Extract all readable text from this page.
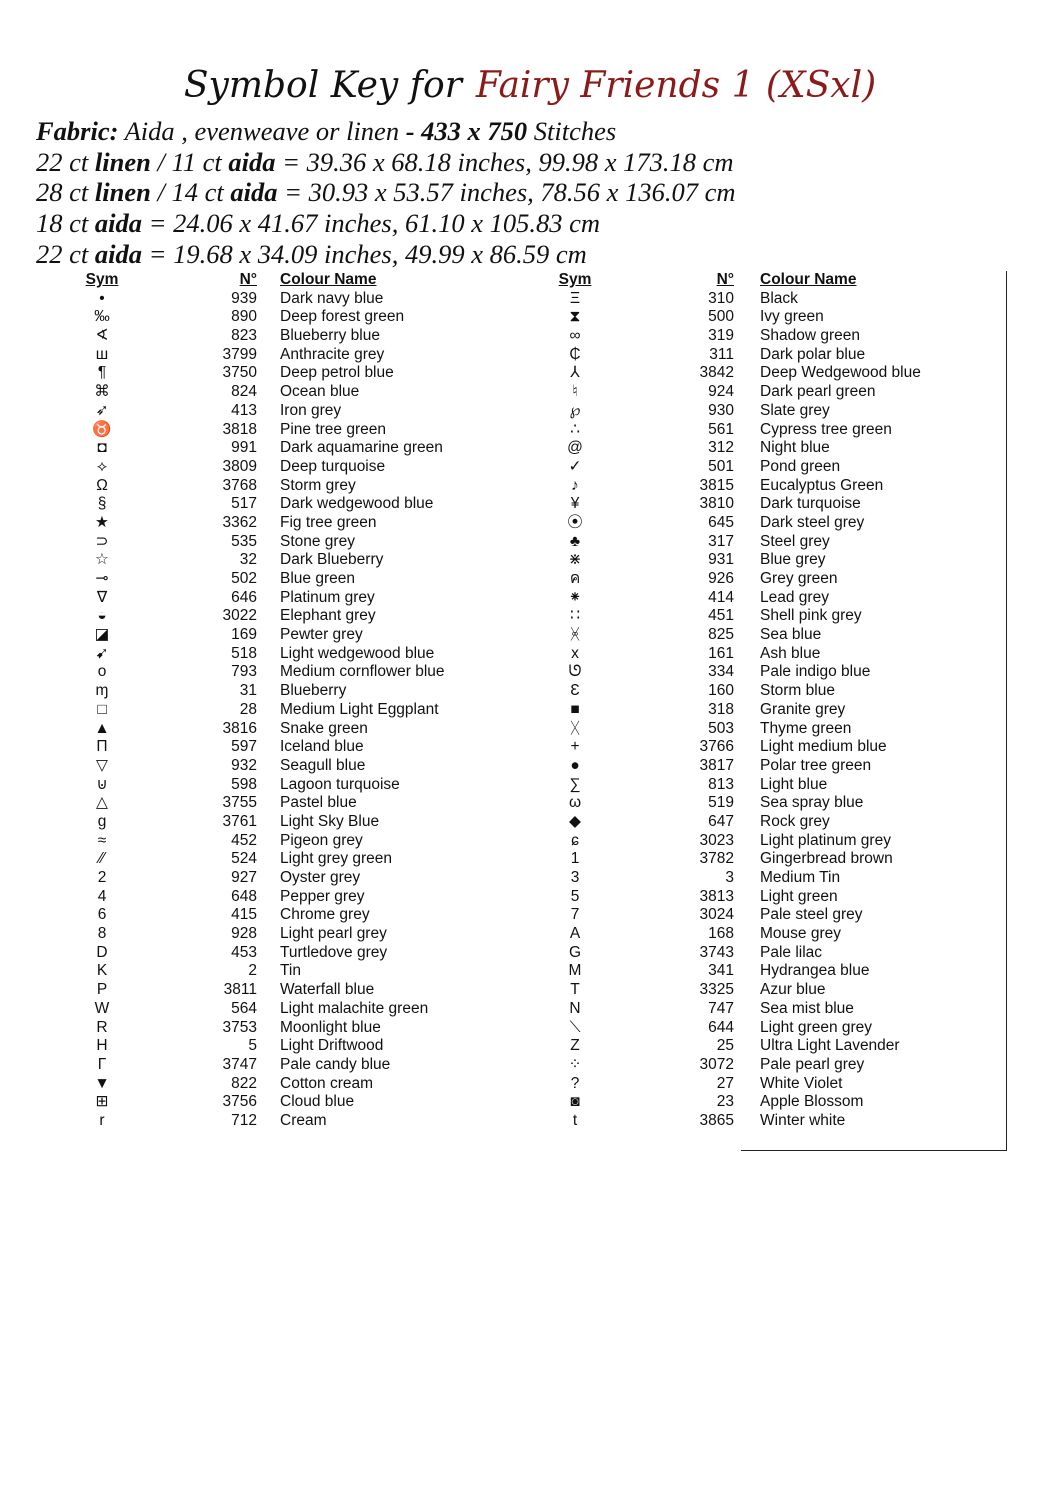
Symbol Key for Fairy Friends 1 (XSxl)
Fabric: Aida , evenweave or linen - 433 x 750 Stitches
22 ct linen / 11 ct aida = 39.36 x 68.18 inches, 99.98 x 173.18 cm
28 ct linen / 14 ct aida = 30.93 x 53.57 inches, 78.56 x 136.07 cm
18 ct aida = 24.06 x 41.67 inches, 61.10 x 105.83 cm
22 ct aida = 19.68 x 34.09 inches, 49.99 x 86.59 cm
Sym	N° Colour Name
•	939 Dark navy blue
‰	890 Deep forest green
∢	823 Blueberry blue
ш	3799 Anthracite grey
¶	3750 Deep petrol blue
⌘	824 Ocean blue
➶	413 Iron grey
♉	3818 Pine tree green
◘	991 Dark aquamarine green
⟡	3809 Deep turquoise
Ω	3768 Storm grey
§	517 Dark wedgewood blue
★	3362 Fig tree green
⊃	535 Stone grey
☆	32 Dark Blueberry
⊸	502 Blue green
∇	646 Platinum grey
◒	3022 Elephant grey
◪	169 Pewter grey
➹	518 Light wedgewood blue
o	793 Medium cornflower blue
ɱ	31 Blueberry
□	28 Medium Light Eggplant
▲	3816 Snake green
Π	597 Iceland blue
▽	932 Seagull blue
⊍	598 Lagoon turquoise
△	3755 Pastel blue
g	3761 Light Sky Blue
≈	452 Pigeon grey
⁄⁄	524 Light grey green
2	927 Oyster grey
4	648 Pepper grey
6	415 Chrome grey
8	928 Light pearl grey
D	453 Turtledove grey
K	2 Tin
P	3811 Waterfall blue
W	564 Light malachite green
R	3753 Moonlight blue
H	5 Light Driftwood
Γ	3747 Pale candy blue
▼	822 Cotton cream
⊞	3756 Cloud blue
r	712 Cream
Sym	N° Colour Name
Ξ	310 Black
⧗	500 Ivy green
∞	319 Shadow green
₵	311 Dark polar blue
⅄	3842 Deep Wedgewood blue
♮	924 Dark pearl green
℘	930 Slate grey
∴	561 Cypress tree green
@	312 Night blue
✓	501 Pond green
♪	3815 Eucalyptus Green
¥	3810 Dark turquoise
⦿	645 Dark steel grey
♣	317 Steel grey
⋇	931 Blue grey
ค	926 Grey green
⁕	414 Lead grey
∷	451 Shell pink grey
ᚸ	825 Sea blue
x	161 Ash blue
ᘎ	334 Pale indigo blue
Ɛ	160 Storm blue
■	318 Granite grey
ᚷ	503 Thyme green
+	3766 Light medium blue
●	3817 Polar tree green
∑	813 Light blue
ω	519 Sea spray blue
◆	647 Rock grey
ɕ	3023 Light platinum grey
1	3782 Gingerbread brown
3	3 Medium Tin
5	3813 Light green
7	3024 Pale steel grey
A	168 Mouse grey
G	3743 Pale lilac
M	341 Hydrangea blue
T	3325 Azur blue
N	747 Sea mist blue
⟍	644 Light green grey
Z	25 Ultra Light Lavender
⁘	3072 Pale pearl grey
?	27 White Violet
◙	23 Apple Blossom
t	3865 Winter white
